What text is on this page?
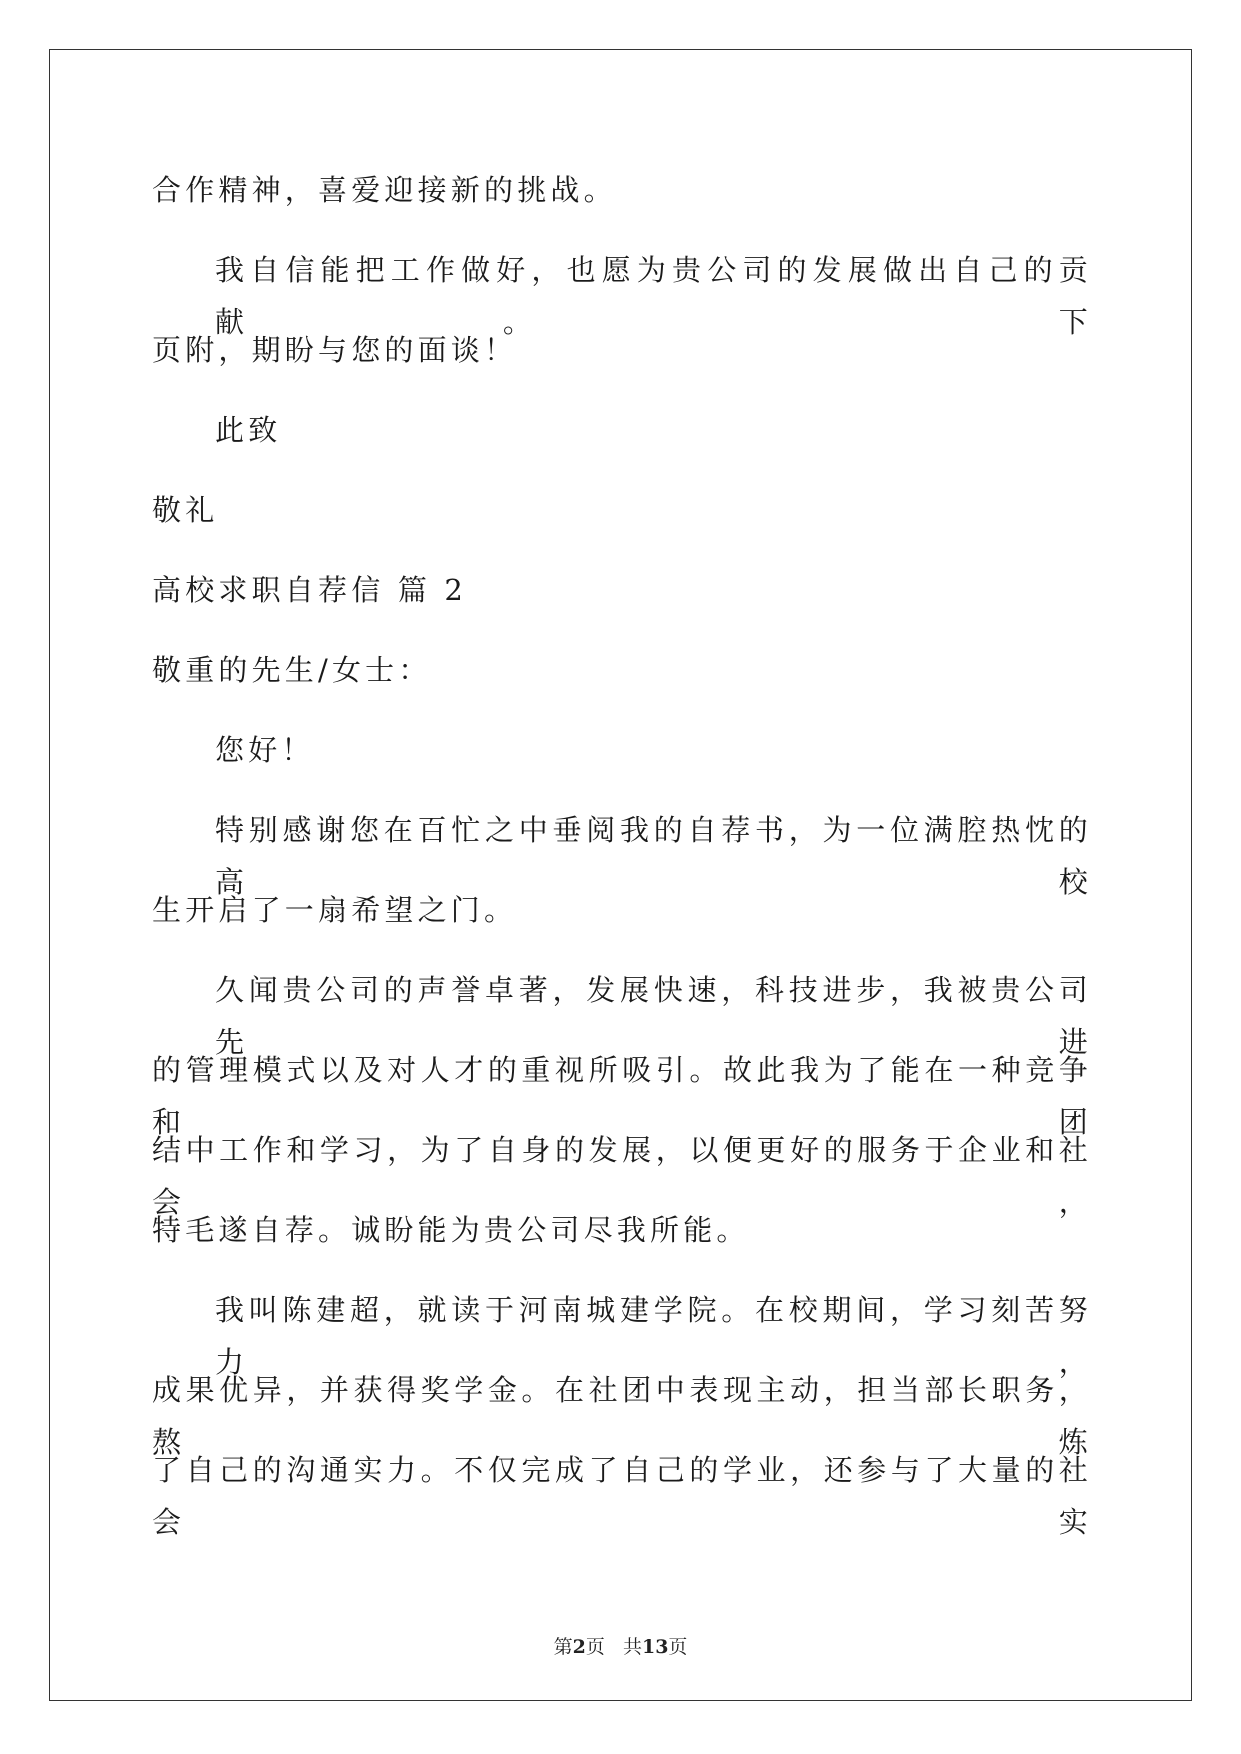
合作精神，喜爱迎接新的挑战。

我自信能把工作做好，也愿为贵公司的发展做出自己的贡献。 下

页附，期盼与您的面谈！

此致

敬礼

高校求职自荐信 篇 2

敬重的先生/女士：

您好！

特别感谢您在百忙之中垂阅我的自荐书，为一位满腔热忱的高校

生开启了一扇希望之门。

久闻贵公司的声誉卓著，发展快速，科技进步，我被贵公司先进

的管理模式以及对人才的重视所吸引。故此我为了能在一种竞争和团

结中工作和学习，为了自身的发展，以便更好的服务于企业和社会，

特毛遂自荐。诚盼能为贵公司尽我所能。

我叫陈建超，就读于河南城建学院。在校期间，学习刻苦努力，

成果优异，并获得奖学金。在社团中表现主动，担当部长职务，熬炼

了自己的沟通实力。不仅完成了自己的学业，还参与了大量的社会实

第2页 共13页
